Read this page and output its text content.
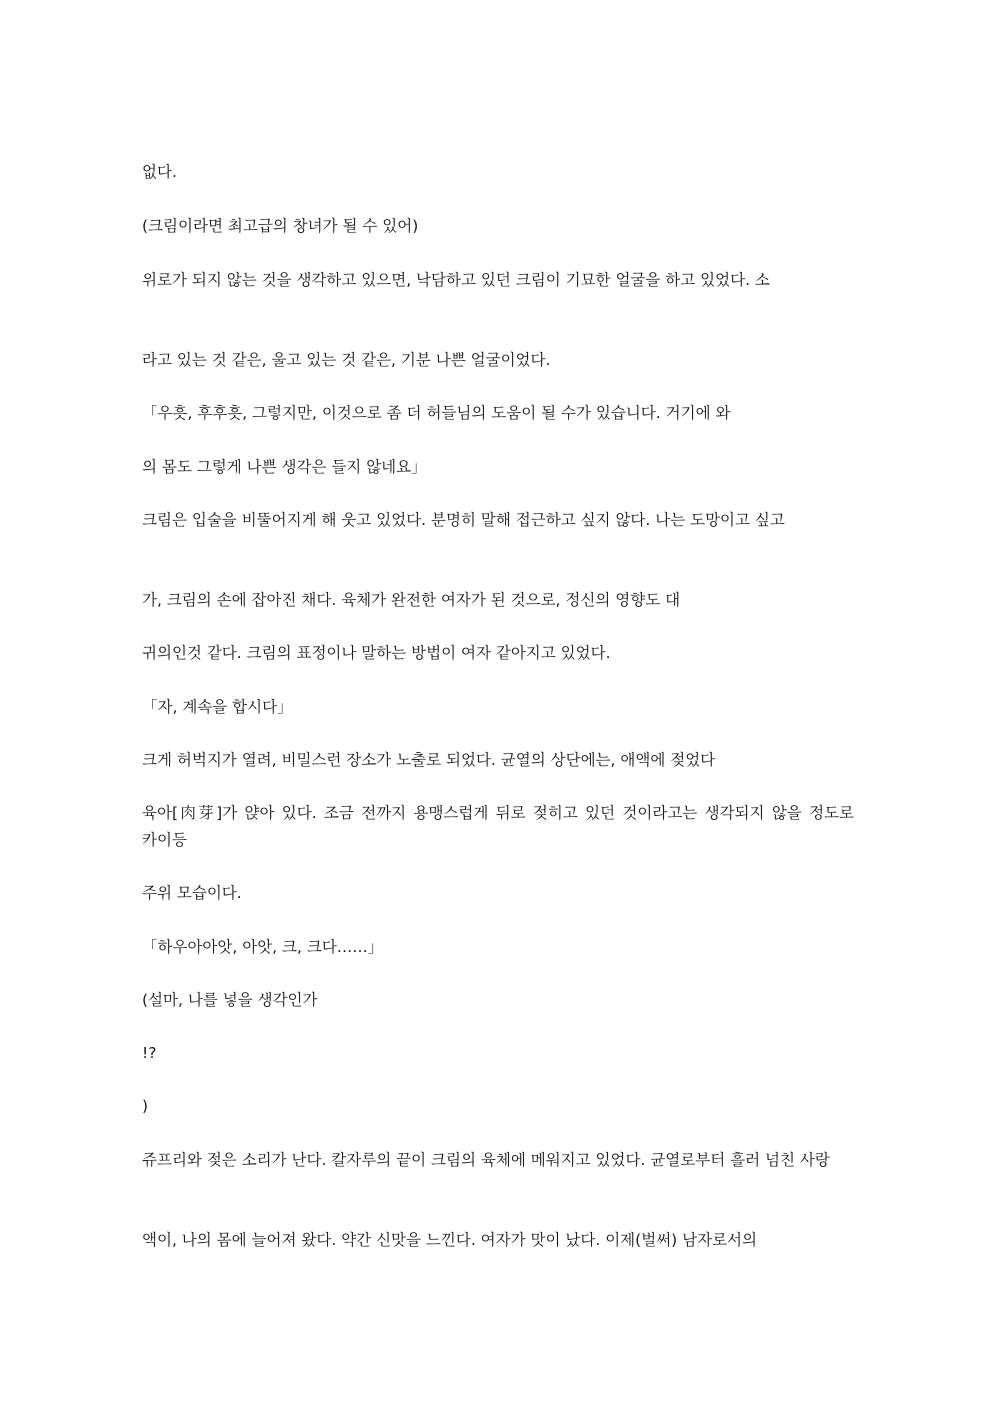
없다.
(크림이라면 최고급의 창녀가 될 수 있어)
위로가 되지 않는 것을 생각하고 있으면, 낙담하고 있던 크림이 기묘한 얼굴을 하고 있었다. 소
라고 있는 것 같은, 울고 있는 것 같은, 기분 나쁜 얼굴이었다.
「우흣, 후후흣, 그렇지만, 이것으로 좀 더 허들님의 도움이 될 수가 있습니다. 거기에 와
의 몸도 그렇게 나쁜 생각은 들지 않네요」
크림은 입술을 비뚤어지게 해 웃고 있었다. 분명히 말해 접근하고 싶지 않다. 나는 도망이고 싶고
가, 크림의 손에 잡아진 채다. 육체가 완전한 여자가 된 것으로, 정신의 영향도 대
귀의인것 같다. 크림의 표정이나 말하는 방법이 여자 같아지고 있었다.
「자, 계속을 합시다」
크게 허벅지가 열려, 비밀스런 장소가 노출로 되었다. 균열의 상단에는, 애액에 젖었다
육아[肉芽]가 얁아 있다. 조금 전까지 용맹스럽게 뒤로 젖히고 있던 것이라고는 생각되지 않을 정도로 카이등
주위 모습이다.
「하우아아앗, 아앗, 크, 크다……」
(설마, 나를 넣을 생각인가
!?
)
쥬프리와 젖은 소리가 난다. 칼자루의 끝이 크림의 육체에 메워지고 있었다. 균열로부터 흘러 넘친 사랑
액이, 나의 몸에 늘어져 왔다. 약간 신맛을 느낀다. 여자가 맛이 났다. 이제(벌써) 남자로서의
